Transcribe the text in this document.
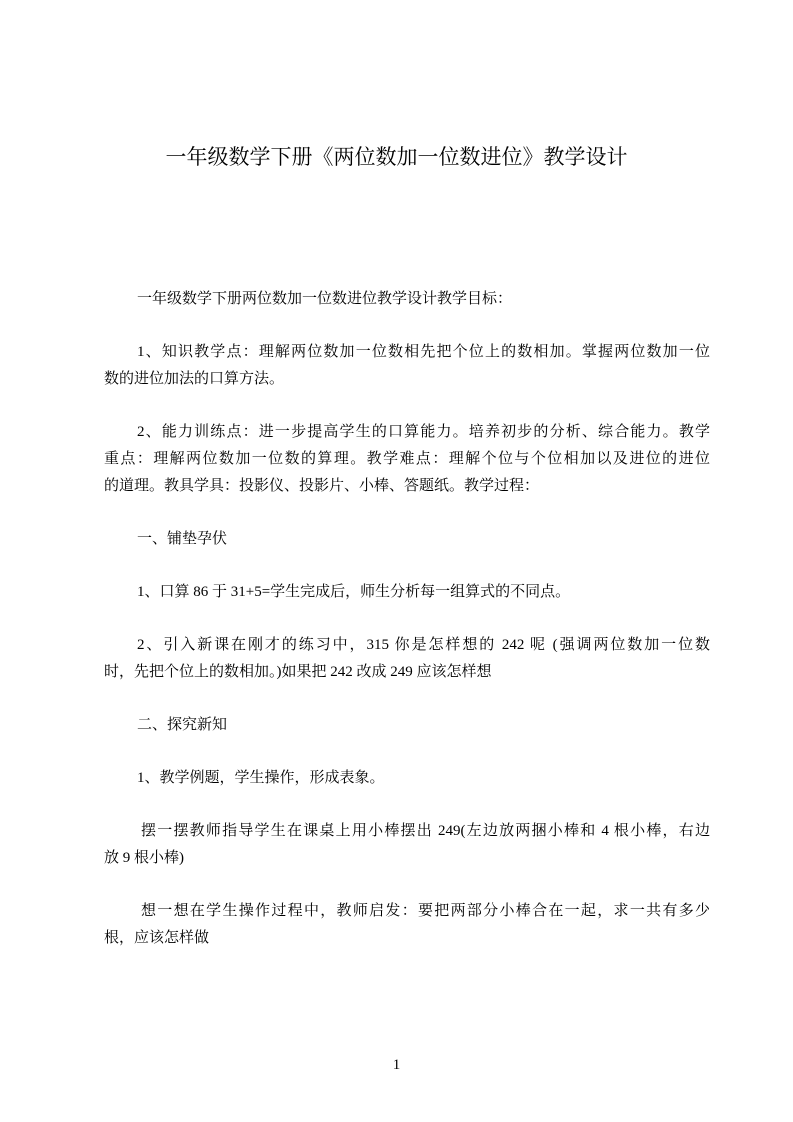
一年级数学下册《两位数加一位数进位》教学设计
一年级数学下册两位数加一位数进位教学设计教学目标：
1、知识教学点：理解两位数加一位数相先把个位上的数相加。掌握两位数加一位
数的进位加法的口算方法。
2、能力训练点：进一步提高学生的口算能力。培养初步的分析、综合能力。教学
重点：理解两位数加一位数的算理。教学难点：理解个位与个位相加以及进位的进位
的道理。教具学具：投影仪、投影片、小棒、答题纸。教学过程：
一、铺垫孕伏
1、口算 86 于 31+5=学生完成后，师生分析每一组算式的不同点。
2、引入新课在刚才的练习中，315 你是怎样想的 242 呢 (强调两位数加一位数
时，先把个位上的数相加。)如果把 242 改成 249 应该怎样想
二、探究新知
1、教学例题，学生操作，形成表象。
摆一摆教师指导学生在课桌上用小棒摆出 249(左边放两捆小棒和 4 根小棒，右边
放 9 根小棒)
想一想在学生操作过程中，教师启发：要把两部分小棒合在一起，求一共有多少
根，应该怎样做
1
